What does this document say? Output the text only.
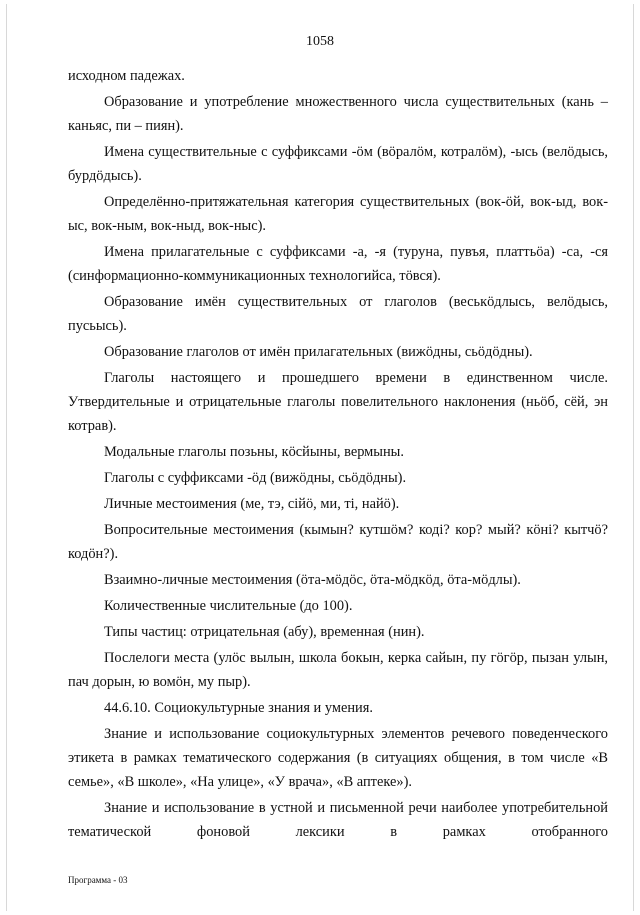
1058

исходном падежах.

Образование и употребление множественного числа существительных (кань – каньяс, пи – пиян).

Имена существительные с суффиксами -öм (вöралöм, котралöм), -ысь (велöдысь, бурдöдысь).

Определённо-притяжательная категория существительных (вок-öй, вок-ыд, вок-ыс, вок-ным, вок-ныд, вок-ныс).

Имена прилагательные с суффиксами -а, -я (туруна, пувъя, платтьöа) -са, -ся (синформационно-коммуникационных технологийса, тöвся).

Образование имён существительных от глаголов (веськöдлысь, велöдысь, пусьысь).

Образование глаголов от имён прилагательных (вижöдны, сьöдöдны).

Глаголы настоящего и прошедшего времени в единственном числе. Утвердительные и отрицательные глаголы повелительного наклонения (ньöб, сёй, эн котрав).

Модальные глаголы позьны, кöсйыны, вермыны.

Глаголы с суффиксами -öд (вижöдны, сьöдöдны).

Личные местоимения (ме, тэ, сійö, ми, ті, найö).

Вопросительные местоимения (кымын? кутшöм? коді? кор? мый? кöні? кытчö? кодöн?).

Взаимно-личные местоимения (öта-мöдöс, öта-мöдкöд, öта-мöдлы).

Количественные числительные (до 100).

Типы частиц: отрицательная (абу), временная (нин).

Послелоги места (улöс вылын, школа бокын, керка сайын, пу гöгöр, пызан улын, пач дорын, ю вомöн, му пыр).

44.6.10. Социокультурные знания и умения.

Знание и использование социокультурных элементов речевого поведенческого этикета в рамках тематического содержания (в ситуациях общения, в том числе «В семье», «В школе», «На улице», «У врача», «В аптеке»).

Знание и использование в устной и письменной речи наиболее употребительной тематической фоновой лексики в рамках отобранного

Программа - 03
